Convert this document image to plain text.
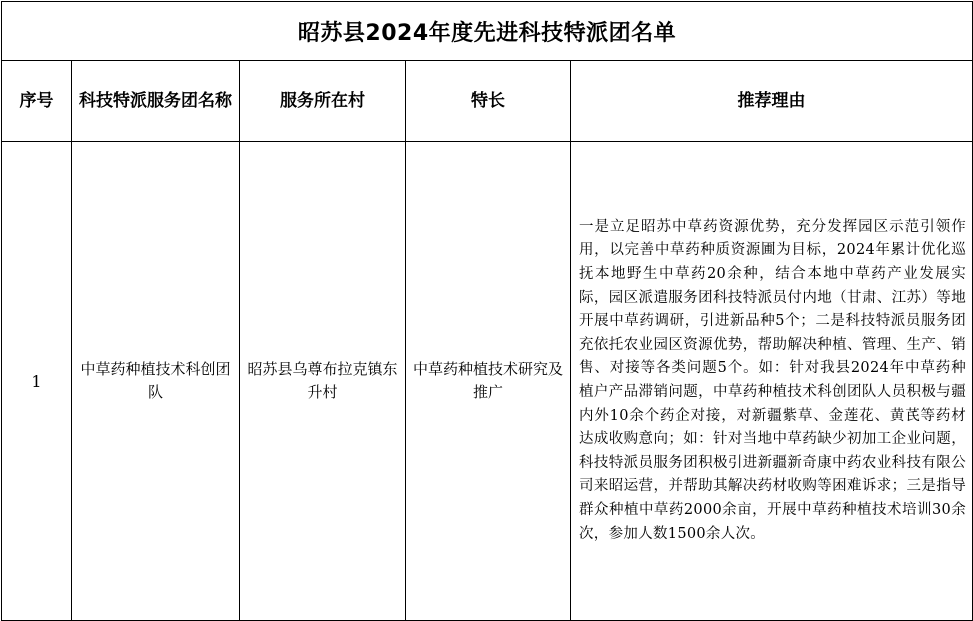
昭苏县2024年度先进科技特派团名单				
序号	科技特派服务团名称	服务所在村	特长	推荐理由
1	中草药种植技术科创团队	昭苏县乌尊布拉克镇东升村	中草药种植技术研究及推广	一是立足昭苏中草药资源优势，充分发挥园区示范引领作用，以完善中草药种质资源圃为目标，2024年累计优化巡抚本地野生中草药20余种，结合本地中草药产业发展实际，园区派遣服务团科技特派员付内地（甘肃、江苏）等地开展中草药调研，引进新品种5个；二是科技特派员服务团充依托农业园区资源优势，帮助解决种植、管理、生产、销售、对接等各类问题5个。如：针对我县2024年中草药种植户产品滞销问题，中草药种植技术科创团队人员积极与疆内外10余个药企对接，对新疆紫草、金莲花、黄芪等药材达成收购意向；如：针对当地中草药缺少初加工企业问题，科技特派员服务团积极引进新疆新奇康中药农业科技有限公司来昭运营，并帮助其解决药材收购等困难诉求；三是指导群众种植中草药2000余亩，开展中草药种植技术培训30余次，参加人数1500余人次。
